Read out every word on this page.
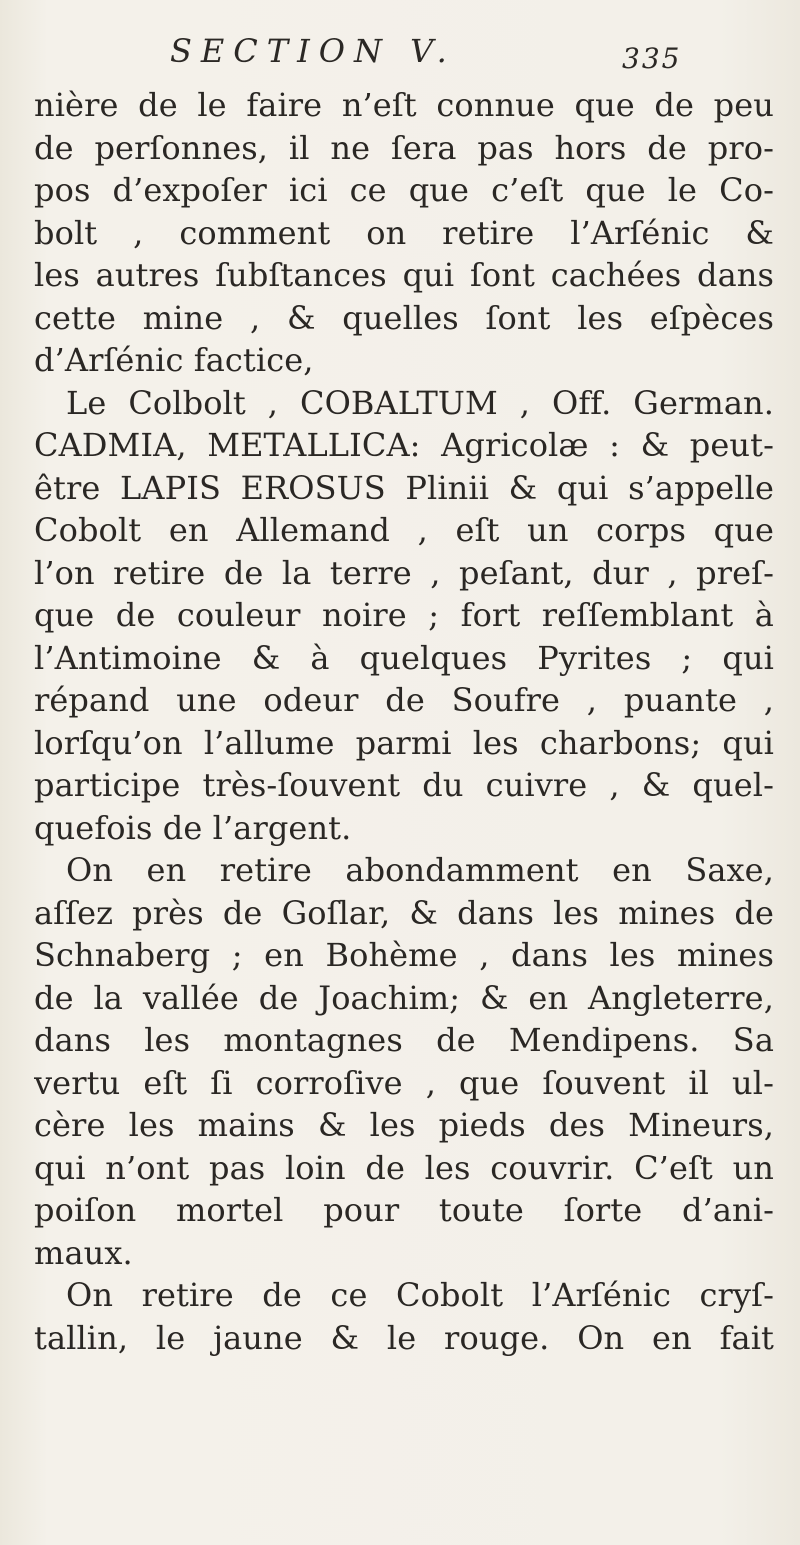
SECTION V.	335
nière de le faire n’eſt connue que de peu
de perſonnes, il ne ſera pas hors de pro-
pos d’expoſer ici ce que c’eſt que le Co-
bolt , comment on retire l’Arſénic &
les autres ſubſtances qui ſont cachées dans
cette mine , & quelles ſont les eſpèces
d’Arſénic factice,
Le Colbolt , COBALTUM , Off. German.
CADMIA, METALLICA: Agricolæ : & peut-
être LAPIS EROSUS Plinii & qui s’appelle
Cobolt en Allemand , eſt un corps que
l’on retire de la terre , peſant, dur , preſ-
que de couleur noire ; fort reſſemblant à
l’Antimoine & à quelques Pyrites ; qui
répand une odeur de Soufre , puante ,
lorſqu’on l’allume parmi les charbons; qui
participe très-ſouvent du cuivre , & quel-
quefois de l’argent.
On en retire abondamment en Saxe,
aſſez près de Goſlar, & dans les mines de
Schnaberg ; en Bohème , dans les mines
de la vallée de Joachim; & en Angleterre,
dans les montagnes de Mendipens. Sa
vertu eſt ſi corroſive , que ſouvent il ul-
cère les mains & les pieds des Mineurs,
qui n’ont pas loin de les couvrir. C’eſt un
poiſon mortel pour toute ſorte d’ani-
maux.
On retire de ce Cobolt l’Arſénic cryſ-
tallin, le jaune & le rouge. On en fait
